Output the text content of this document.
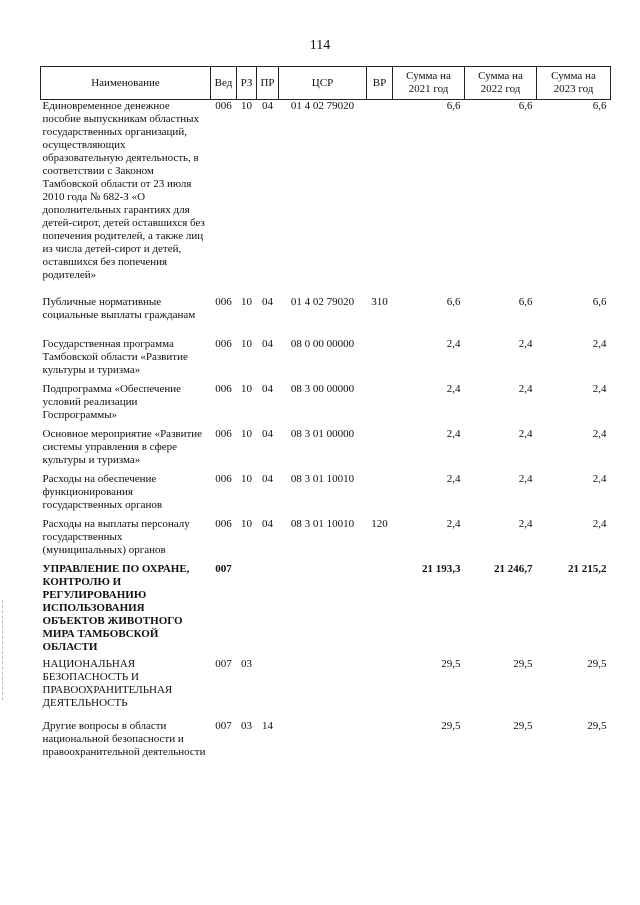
114
Наименование	Вед	РЗ	ПР	ЦСР	ВР	Сумма на 2021 год	Сумма на 2022 год	Сумма на 2023 год
Единовременное денежное пособие выпускникам областных государственных организаций, осуществляющих образовательную деятельность, в соответствии с Законом Тамбовской области от 23 июля 2010 года № 682-З «О дополнительных гарантиях для детей-сирот, детей оставшихся без попечения родителей, а также лиц из числа детей-сирот и детей, оставшихся без попечения родителей»	006	10	04	01 4 02 79020		6,6	6,6	6,6
Публичные нормативные социальные выплаты гражданам	006	10	04	01 4 02 79020	310	6,6	6,6	6,6
Государственная программа Тамбовской области «Развитие культуры и туризма»	006	10	04	08 0 00 00000		2,4	2,4	2,4
Подпрограмма «Обеспечение условий реализации Госпрограммы»	006	10	04	08 3 00 00000		2,4	2,4	2,4
Основное мероприятие «Развитие системы управления в сфере культуры и туризма»	006	10	04	08 3 01 00000		2,4	2,4	2,4
Расходы на обеспечение функционирования государственных органов	006	10	04	08 3 01 10010		2,4	2,4	2,4
Расходы на выплаты персоналу государственных (муниципальных) органов	006	10	04	08 3 01 10010	120	2,4	2,4	2,4
УПРАВЛЕНИЕ ПО ОХРАНЕ, КОНТРОЛЮ И РЕГУЛИРОВАНИЮ ИСПОЛЬЗОВАНИЯ ОБЪЕКТОВ ЖИВОТНОГО МИРА ТАМБОВСКОЙ ОБЛАСТИ	007					21 193,3	21 246,7	21 215,2
НАЦИОНАЛЬНАЯ БЕЗОПАСНОСТЬ И ПРАВООХРАНИТЕЛЬНАЯ ДЕЯТЕЛЬНОСТЬ	007	03				29,5	29,5	29,5
Другие вопросы в области национальной безопасности и правоохранительной деятельности	007	03	14			29,5	29,5	29,5
